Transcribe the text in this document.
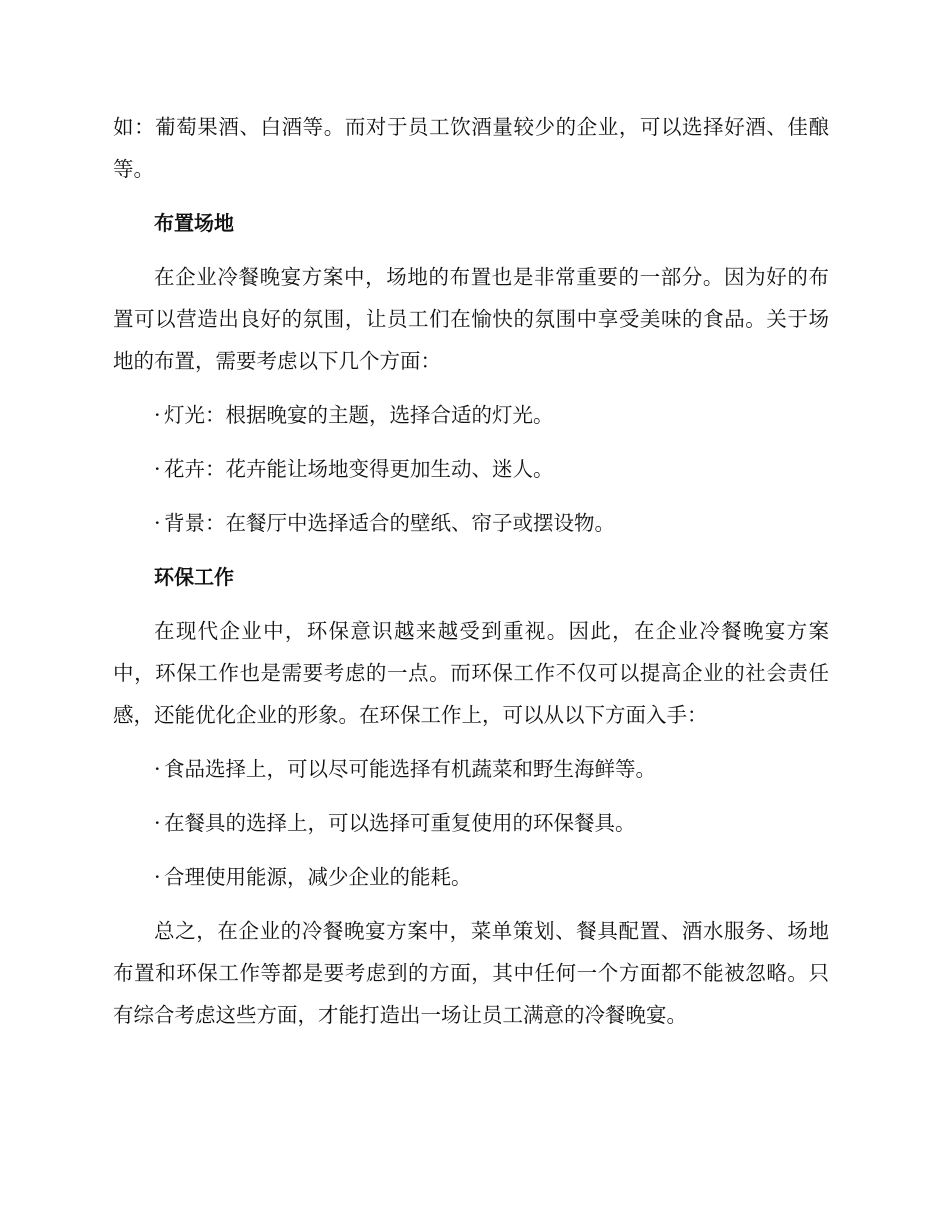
如：葡萄果酒、白酒等。而对于员工饮酒量较少的企业，可以选择好酒、佳酿等。

布置场地

在企业冷餐晚宴方案中，场地的布置也是非常重要的一部分。因为好的布置可以营造出良好的氛围，让员工们在愉快的氛围中享受美味的食品。关于场地的布置，需要考虑以下几个方面：

· 灯光：根据晚宴的主题，选择合适的灯光。

· 花卉：花卉能让场地变得更加生动、迷人。

· 背景：在餐厅中选择适合的壁纸、帘子或摆设物。

环保工作

在现代企业中，环保意识越来越受到重视。因此，在企业冷餐晚宴方案中，环保工作也是需要考虑的一点。而环保工作不仅可以提高企业的社会责任感，还能优化企业的形象。在环保工作上，可以从以下方面入手：

· 食品选择上，可以尽可能选择有机蔬菜和野生海鲜等。

· 在餐具的选择上，可以选择可重复使用的环保餐具。

· 合理使用能源，减少企业的能耗。

总之，在企业的冷餐晚宴方案中，菜单策划、餐具配置、酒水服务、场地布置和环保工作等都是要考虑到的方面，其中任何一个方面都不能被忽略。只有综合考虑这些方面，才能打造出一场让员工满意的冷餐晚宴。
